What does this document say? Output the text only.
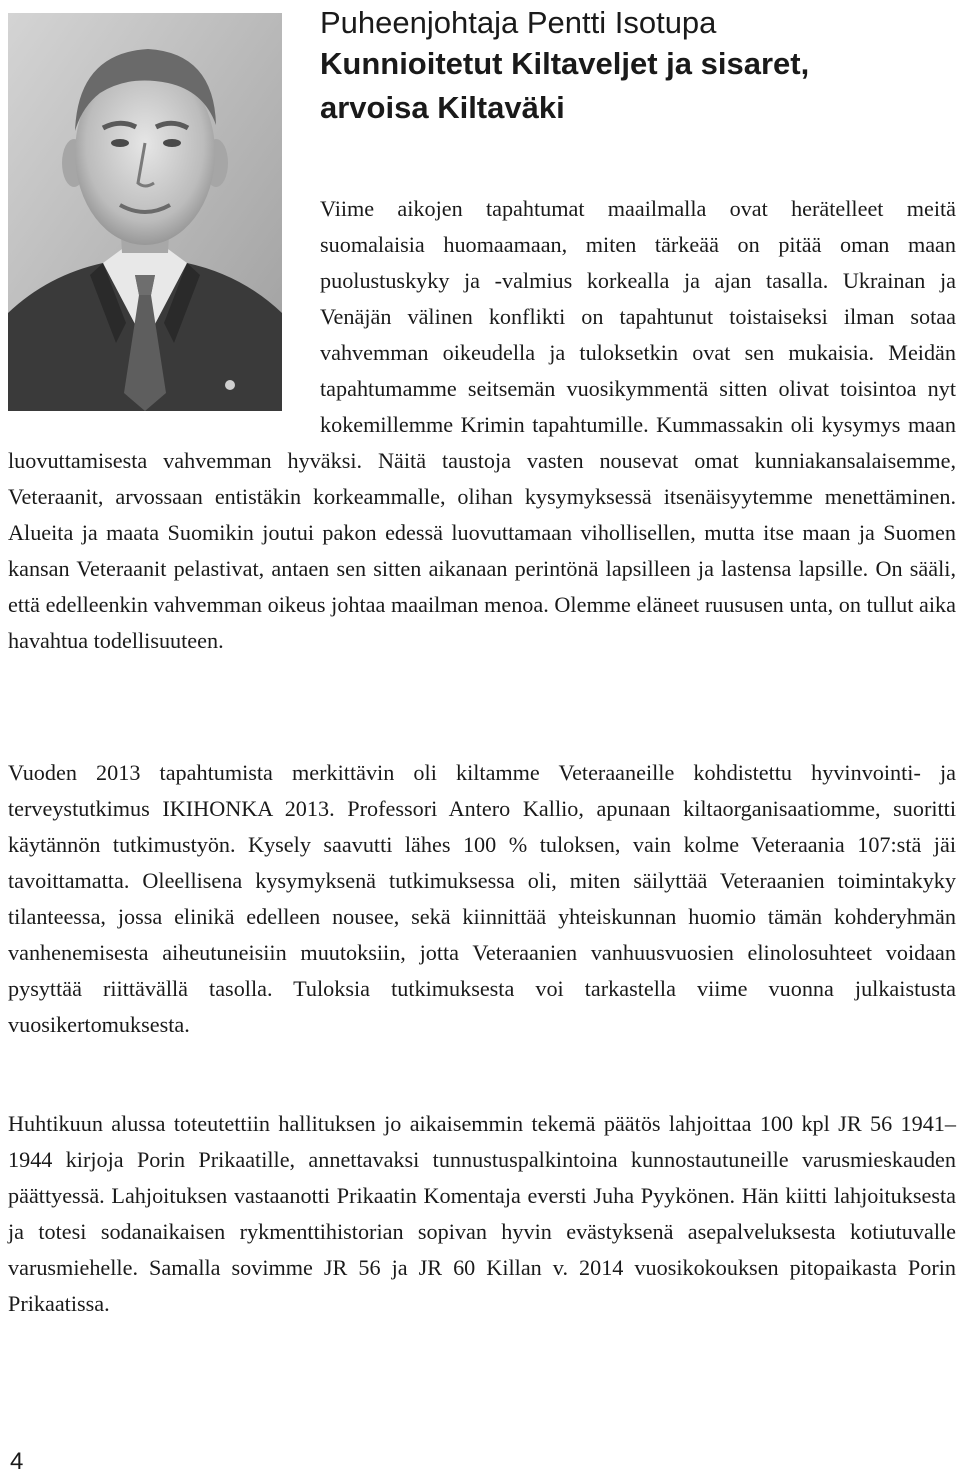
Puheenjohtaja Pentti Isotupa

Kunnioitetut Kiltaveljet ja sisaret,

arvoisa Kiltaväki

Viime aikojen tapahtumat maailmalla ovat herätelleet meitä suomalaisia huomaamaan, miten tärkeää on pitää oman maan puolustuskyky ja -valmius korkealla ja ajan tasalla. Ukrainan ja Venäjän välinen konflikti on tapahtunut toistaiseksi ilman sotaa vahvemman oikeudella ja tuloksetkin ovat sen mukaisia. Meidän tapahtumamme seitsemän vuosikymmentä sitten olivat toisintoa nyt kokemillemme Krimin tapahtumille. Kummassakin oli kysymys maan luovuttamisesta vahvemman hyväksi. Näitä taustoja vasten nousevat omat kunniakansalaisemme, Veteraanit, arvossaan entistäkin korkeammalle, olihan kysymyksessä itsenäisyytemme menettäminen. Alueita ja maata Suomikin joutui pakon edessä luovuttamaan vihollisellen, mutta itse maan ja Suomen kansan Veteraanit pelastivat, antaen sen sitten aikanaan perintönä lapsilleen ja lastensa lapsille. On sääli, että edelleenkin vahvemman oikeus johtaa maailman menoa. Olemme eläneet ruususen unta, on tullut aika havahtua todellisuuteen.

Vuoden 2013 tapahtumista merkittävin oli kiltamme Veteraaneille kohdistettu hyvinvointi- ja terveystutkimus IKIHONKA 2013. Professori Antero Kallio, apunaan kiltaorganisaatiomme, suoritti käytännön tutkimustyön. Kysely saavutti lähes 100 % tuloksen, vain kolme Veteraania 107:stä jäi tavoittamatta. Oleellisena kysymyksenä tutkimuksessa oli, miten säilyttää Veteraanien toimintakyky tilanteessa, jossa elinikä edelleen nousee, sekä kiinnittää yhteiskunnan huomio tämän kohderyhmän vanhenemisesta aiheutuneisiin muutoksiin, jotta Veteraanien vanhuusvuosien elinolosuhteet voidaan pysyttää riittävällä tasolla. Tuloksia tutkimuksesta voi tarkastella viime vuonna julkaistusta vuosikertomuksesta.

Huhtikuun alussa toteutettiin hallituksen jo aikaisemmin tekemä päätös lahjoittaa 100 kpl JR 56 1941–1944 kirjoja Porin Prikaatille, annettavaksi tunnustuspalkintoina kunnostautuneille varusmieskauden päättyessä. Lahjoituksen vastaanotti Prikaatin Komentaja eversti Juha Pyykönen. Hän kiitti lahjoituksesta ja totesi sodanaikaisen rykmenttihistorian sopivan hyvin evästyksenä asepalveluksesta kotiutuvalle varusmiehelle. Samalla sovimme JR 56 ja JR 60 Killan v. 2014 vuosikokouksen pitopaikasta Porin Prikaatissa.

4
